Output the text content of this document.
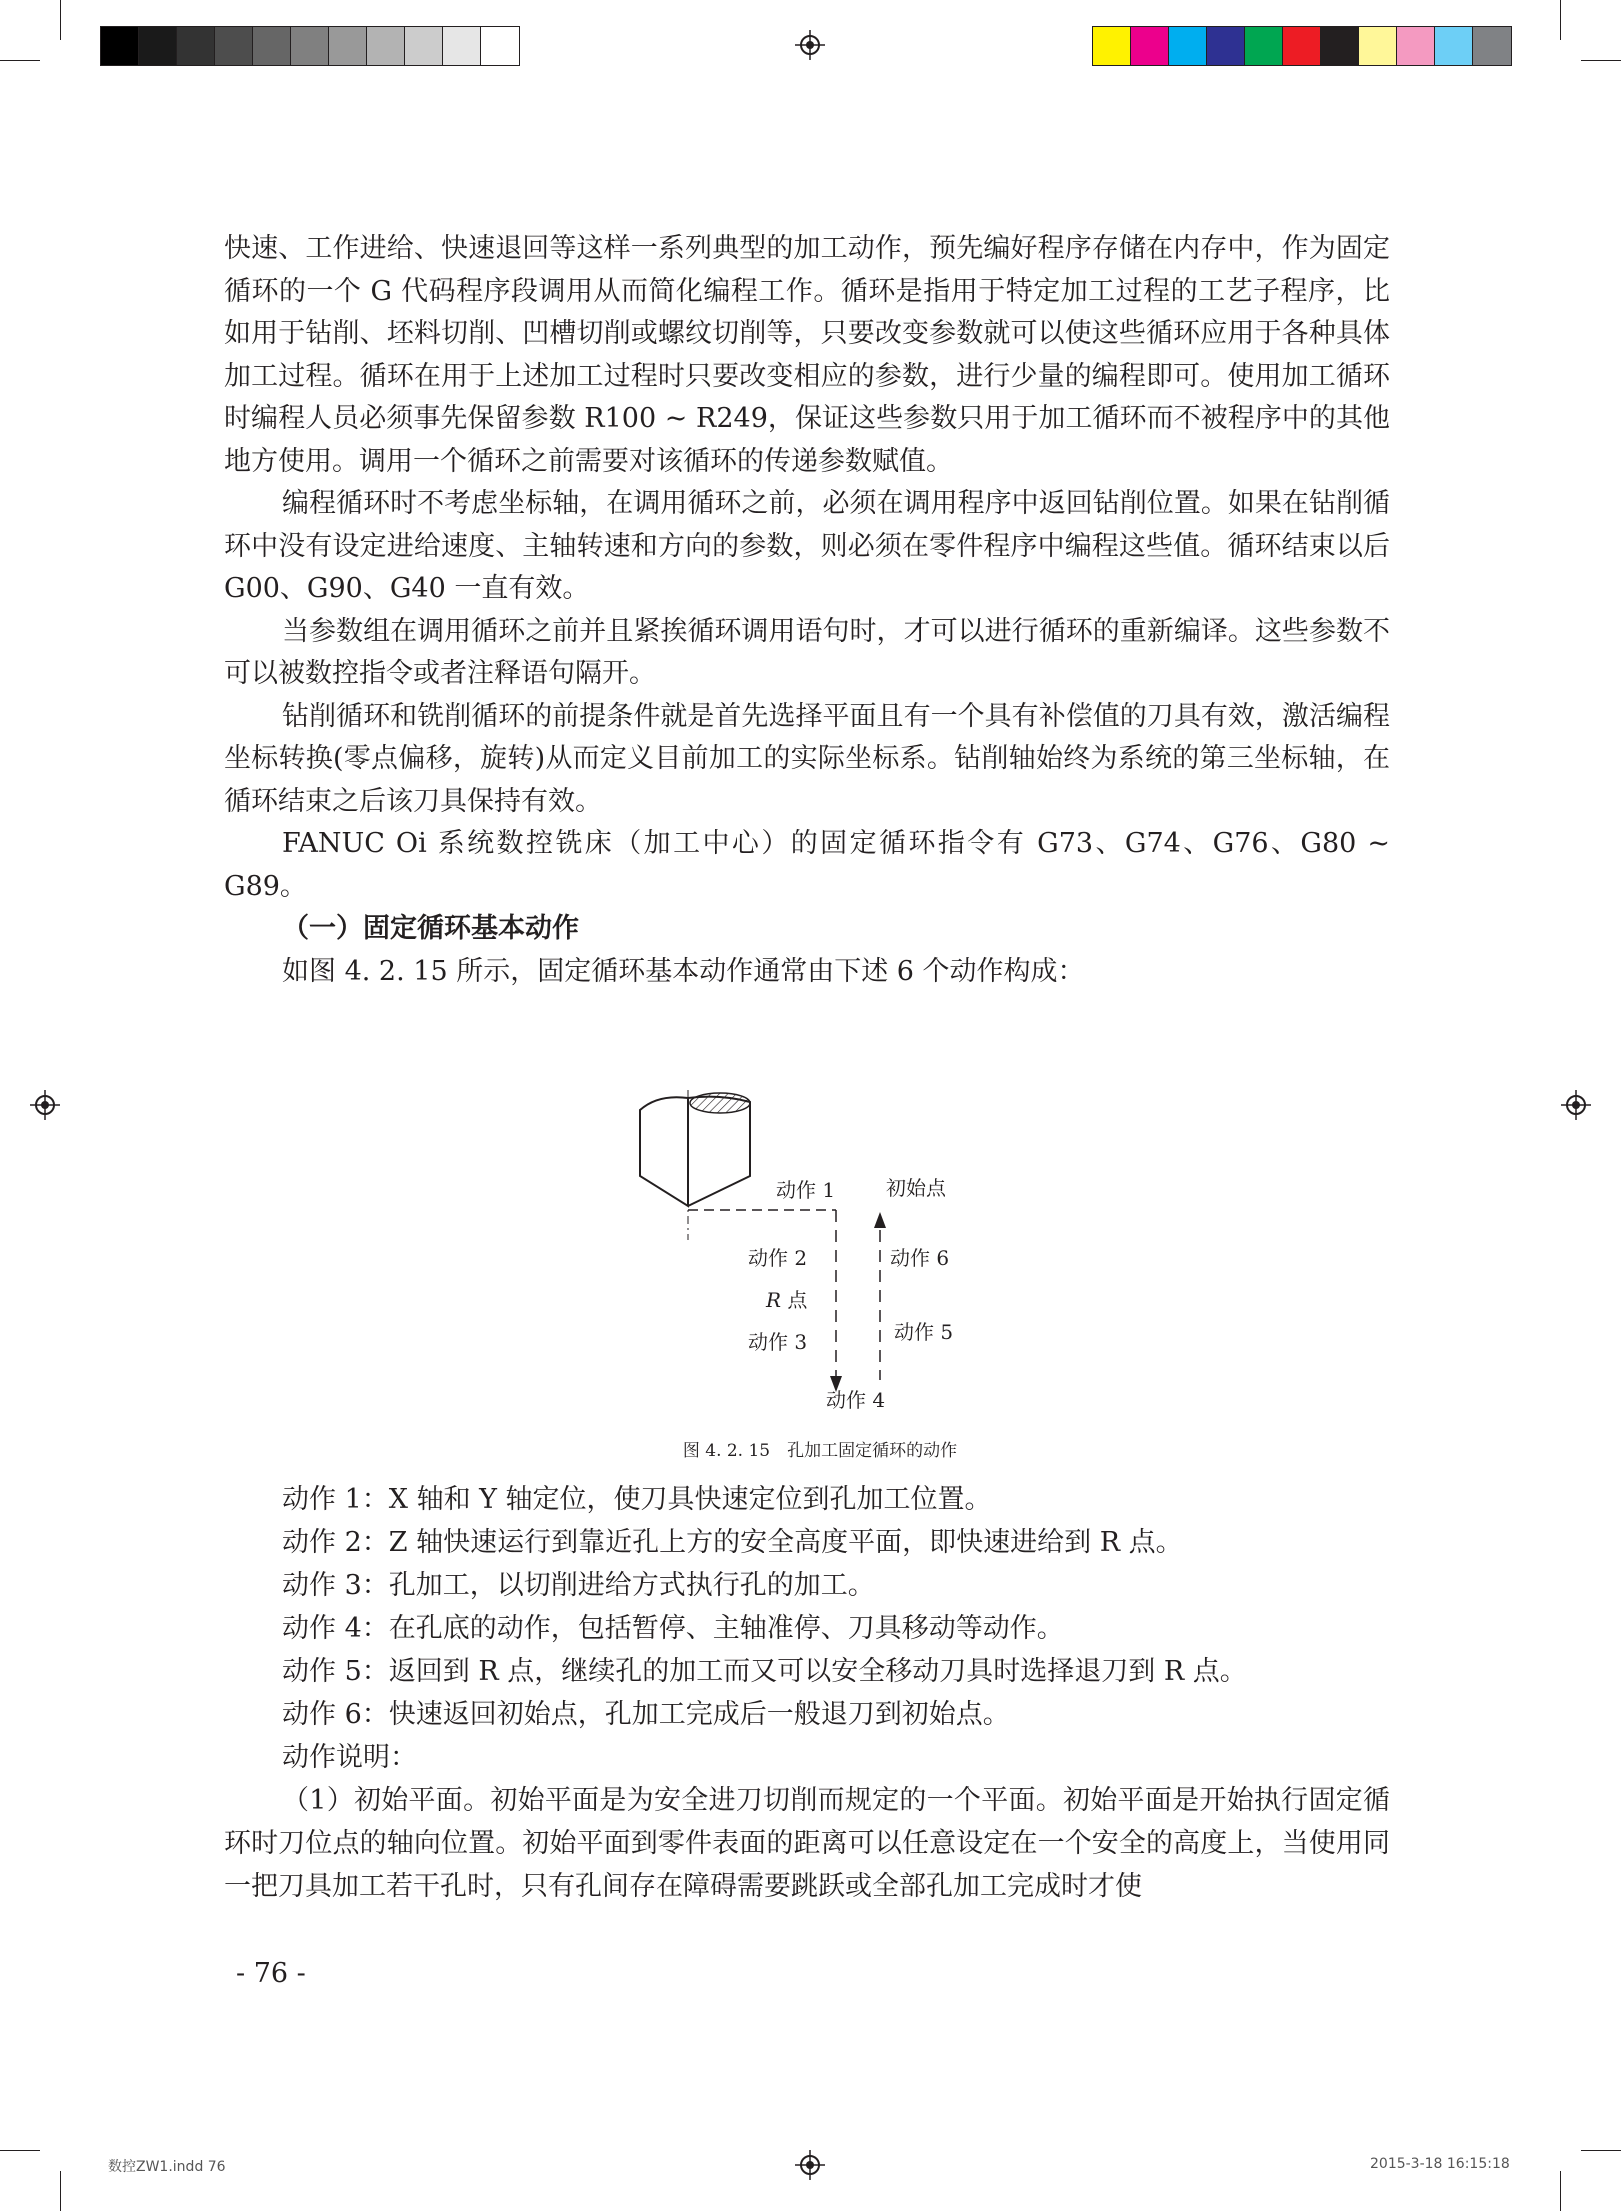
快速、工作进给、快速退回等这样一系列典型的加工动作，预先编好程序存储在内存中，作为固定循环的一个 G 代码程序段调用从而简化编程工作。循环是指用于特定加工过程的工艺子程序，比如用于钻削、坯料切削、凹槽切削或螺纹切削等，只要改变参数就可以使这些循环应用于各种具体加工过程。循环在用于上述加工过程时只要改变相应的参数，进行少量的编程即可。使用加工循环时编程人员必须事先保留参数 R100 ~ R249，保证这些参数只用于加工循环而不被程序中的其他地方使用。调用一个循环之前需要对该循环的传递参数赋值。

编程循环时不考虑坐标轴，在调用循环之前，必须在调用程序中返回钻削位置。如果在钻削循环中没有设定进给速度、主轴转速和方向的参数，则必须在零件程序中编程这些值。循环结束以后 G00、G90、G40 一直有效。

当参数组在调用循环之前并且紧挨循环调用语句时，才可以进行循环的重新编译。这些参数不可以被数控指令或者注释语句隔开。

钻削循环和铣削循环的前提条件就是首先选择平面且有一个具有补偿值的刀具有效，激活编程坐标转换(零点偏移，旋转)从而定义目前加工的实际坐标系。钻削轴始终为系统的第三坐标轴，在循环结束之后该刀具保持有效。

FANUC Oi 系统数控铣床（加工中心）的固定循环指令有 G73、G74、G76、G80 ~ G89。

（一）固定循环基本动作

如图 4. 2. 15 所示，固定循环基本动作通常由下述 6 个动作构成：

动作 1	初始点
动作 2	动作 6
R 点
动作 3	动作 5
动作 4
图 4. 2. 15　孔加工固定循环的动作

动作 1：X 轴和 Y 轴定位，使刀具快速定位到孔加工位置。

动作 2：Z 轴快速运行到靠近孔上方的安全高度平面，即快速进给到 R 点。

动作 3：孔加工，以切削进给方式执行孔的加工。

动作 4：在孔底的动作，包括暂停、主轴准停、刀具移动等动作。

动作 5：返回到 R 点，继续孔的加工而又可以安全移动刀具时选择退刀到 R 点。

动作 6：快速返回初始点，孔加工完成后一般退刀到初始点。

动作说明：

（1）初始平面。初始平面是为安全进刀切削而规定的一个平面。初始平面是开始执行固定循环时刀位点的轴向位置。初始平面到零件表面的距离可以任意设定在一个安全的高度上，当使用同一把刀具加工若干孔时，只有孔间存在障碍需要跳跃或全部孔加工完成时才使

- 76 -
数控ZW1.indd 76	2015-3-18 16:15:18
